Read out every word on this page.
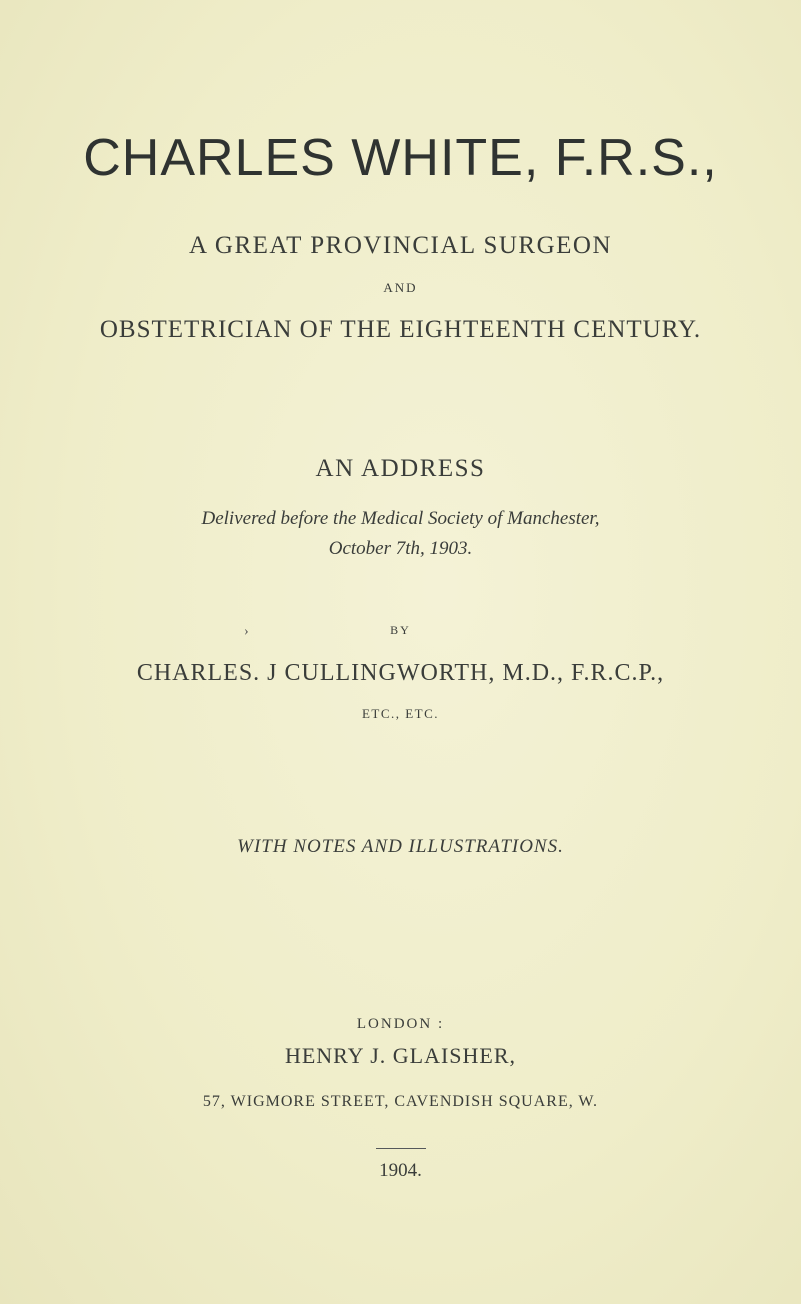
CHARLES WHITE, F.R.S.,
A GREAT PROVINCIAL SURGEON
AND
OBSTETRICIAN OF THE EIGHTEENTH CENTURY.
AN ADDRESS
Delivered before the Medical Society of Manchester,
October 7th, 1903.
›	BY
CHARLES. J CULLINGWORTH, M.D., F.R.C.P.,
ETC., ETC.
WITH NOTES AND ILLUSTRATIONS.
LONDON :
HENRY J. GLAISHER,
57, WIGMORE STREET, CAVENDISH SQUARE, W.
1904.
